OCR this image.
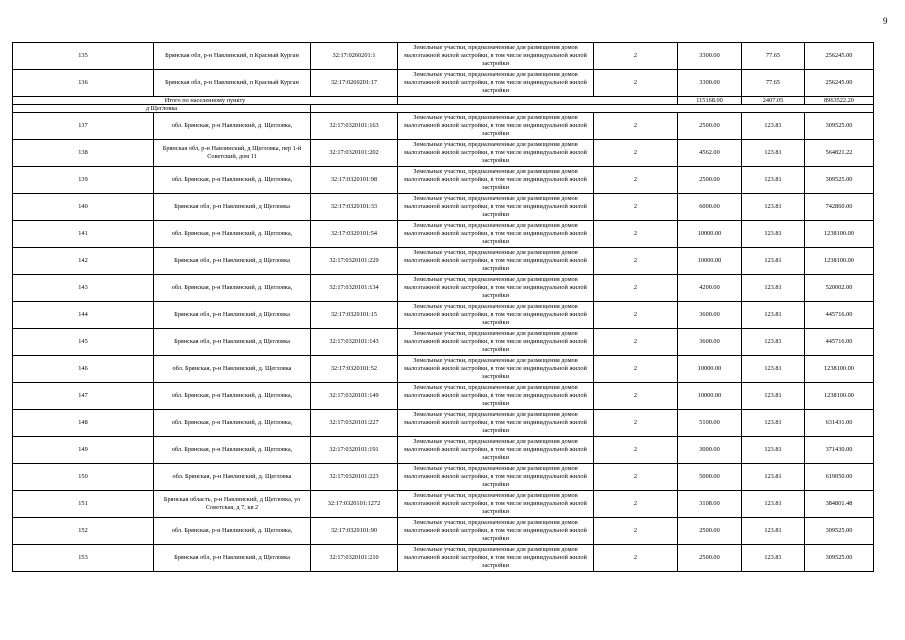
9
135	Брянская обл, р-н Навлинский, п Красный Курган	32:17:0260201:1	Земельные участки, предназначенные для размещения домов малоэтажной жилой застройки, в том числе индивидуальной жилой застройки	2	3300.00	77.65	256245.00
136	Брянская обл, р-н Навлинский, п Красный Курган	32:17:0260201:17	Земельные участки, предназначенные для размещения домов малоэтажной жилой застройки, в том числе индивидуальной жилой застройки	2	3300.00	77.65	256245.00
Итого по населенному пункту					115168.00	2407.05	8963522.20
д Щегловка							
137	обл. Брянская, р-н Навлинский, д. Щегловка,	32:17:0320101:163	Земельные участки, предназначенные для размещения домов малоэтажной жилой застройки, в том числе индивидуальной жилой застройки	2	2500.00	123.81	309525.00
138	Брянская обл, р-н Навлинский, д Щегловка, пер 1-й Советский, дом 11	32:17:0320101:202	Земельные участки, предназначенные для размещения домов малоэтажной жилой застройки, в том числе индивидуальной жилой застройки	2	4562.00	123.81	564821.22
139	обл. Брянская, р-н Навлинский, д. Щегловка,	32:17:0320101:98	Земельные участки, предназначенные для размещения домов малоэтажной жилой застройки, в том числе индивидуальной жилой застройки	2	2500.00	123.81	309525.00
140	Брянская обл, р-н Навлинский, д Щегловка	32:17:0320101:33	Земельные участки, предназначенные для размещения домов малоэтажной жилой застройки, в том числе индивидуальной жилой застройки	2	6000.00	123.81	742860.00
141	обл. Брянская, р-н Навлинский, д. Щегловка,	32:17:0320101:54	Земельные участки, предназначенные для размещения домов малоэтажной жилой застройки, в том числе индивидуальной жилой застройки	2	10000.00	123.81	1238100.00
142	Брянская обл, р-н Навлинский, д Щегловка	32:17:0320101:229	Земельные участки, предназначенные для размещения домов малоэтажной жилой застройки, в том числе индивидуальной жилой застройки	2	10000.00	123.81	1238100.00
143	обл. Брянская, р-н Навлинский, д. Щегловка,	32:17:0320101:134	Земельные участки, предназначенные для размещения домов малоэтажной жилой застройки, в том числе индивидуальной жилой застройки	2	4200.00	123.81	520002.00
144	Брянская обл, р-н Навлинский, д Щегловка	32:17:0320101:15	Земельные участки, предназначенные для размещения домов малоэтажной жилой застройки, в том числе индивидуальной жилой застройки	2	3600.00	123.81	445716.00
145	Брянская обл, р-н Навлинский, д Щегловка	32:17:0320101:143	Земельные участки, предназначенные для размещения домов малоэтажной жилой застройки, в том числе индивидуальной жилой застройки	2	3600.00	123.81	445716.00
146	обл. Брянская, р-н Навлинский, д. Щегловка	32:17:0320101:52	Земельные участки, предназначенные для размещения домов малоэтажной жилой застройки, в том числе индивидуальной жилой застройки	2	10000.00	123.81	1238100.00
147	обл. Брянская, р-н Навлинский, д. Щегловка,	32:17:0320101:149	Земельные участки, предназначенные для размещения домов малоэтажной жилой застройки, в том числе индивидуальной жилой застройки	2	10000.00	123.81	1238100.00
148	обл. Брянская, р-н Навлинский, д. Щегловка,	32:17:0320101:227	Земельные участки, предназначенные для размещения домов малоэтажной жилой застройки, в том числе индивидуальной жилой застройки	2	5100.00	123.81	631431.00
149	обл. Брянская, р-н Навлинский, д. Щегловка,	32:17:0320101:191	Земельные участки, предназначенные для размещения домов малоэтажной жилой застройки, в том числе индивидуальной жилой застройки	2	3000.00	123.81	371430.00
150	обл. Брянская, р-н Навлинский, д. Щегловка	32:17:0320101:223	Земельные участки, предназначенные для размещения домов малоэтажной жилой застройки, в том числе индивидуальной жилой застройки	2	5000.00	123.81	619050.00
151	Брянская область, р-н Навлинский, д Щегловка, ул Советская, д 7, кв 2	32:17:0320101:1272	Земельные участки, предназначенные для размещения домов малоэтажной жилой застройки, в том числе индивидуальной жилой застройки	2	3108.00	123.81	384801.48
152	обл. Брянская, р-н Навлинский, д. Щегловка,	32:17:0320101:90	Земельные участки, предназначенные для размещения домов малоэтажной жилой застройки, в том числе индивидуальной жилой застройки	2	2500.00	123.81	309525.00
153	Брянская обл, р-н Навлинский, д Щегловка	32:17:0320101:210	Земельные участки, предназначенные для размещения домов малоэтажной жилой застройки, в том числе индивидуальной жилой застройки	2	2500.00	123.81	309525.00
